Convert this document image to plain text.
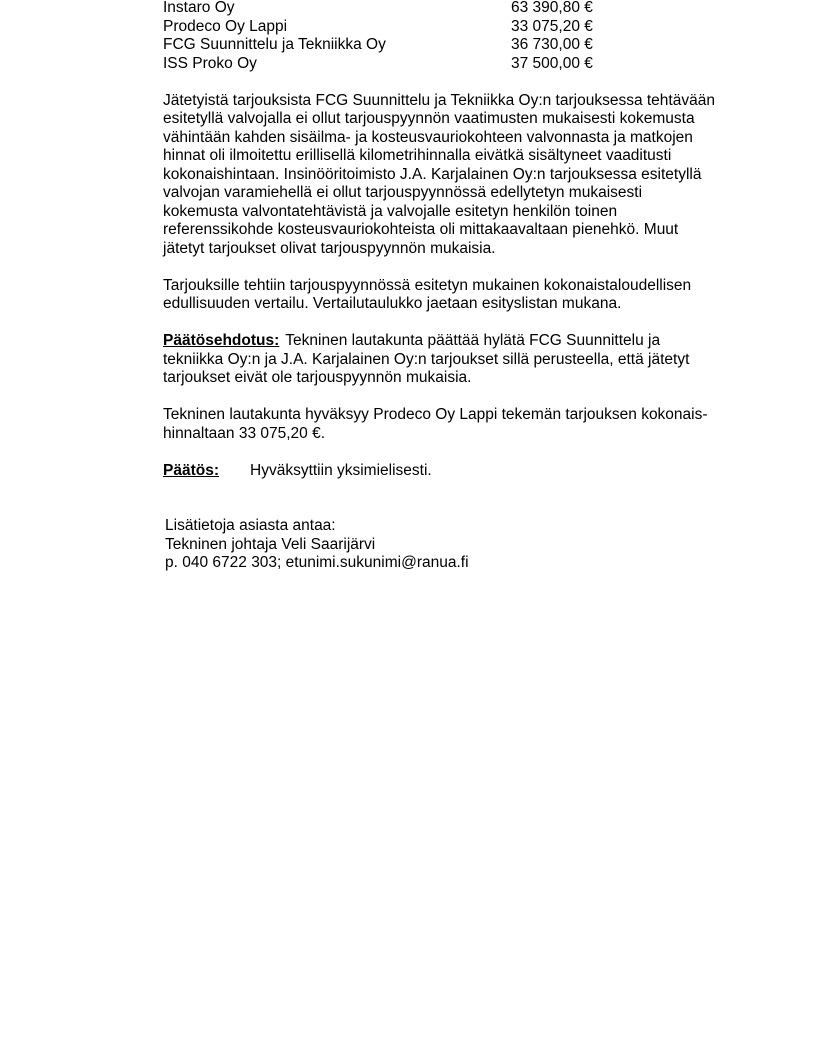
Instaro Oy	63 390,80 €
Prodeco Oy Lappi	33 075,20 €
FCG Suunnittelu ja Tekniikka Oy	36 730,00 €
ISS Proko Oy	37 500,00 €
Jätetyistä tarjouksista FCG Suunnittelu ja Tekniikka Oy:n tarjouksessa tehtävään
esitetyllä valvojalla ei ollut tarjouspyynnön vaatimusten mukaisesti kokemusta
vähintään kahden sisäilma- ja kosteusvauriokohteen valvonnasta ja matkojen
hinnat oli ilmoitettu erillisellä kilometrihinnalla eivätkä sisältyneet vaaditusti
kokonaishintaan. Insinööritoimisto J.A. Karjalainen Oy:n tarjouksessa esitetyllä
valvojan varamiehellä ei ollut tarjouspyynnössä edellytetyn mukaisesti
kokemusta valvontatehtävistä ja valvojalle esitetyn henkilön toinen
referenssikohde kosteusvauriokohteista oli mittakaavaltaan pienehkö. Muut
jätetyt tarjoukset olivat tarjouspyynnön mukaisia.
Tarjouksille tehtiin tarjouspyynnössä esitetyn mukainen kokonaistaloudellisen
edullisuuden vertailu. Vertailutaulukko jaetaan esityslistan mukana.
Päätösehdotus: Tekninen lautakunta päättää hylätä FCG Suunnittelu ja
tekniikka Oy:n ja J.A. Karjalainen Oy:n tarjoukset sillä perusteella, että jätetyt
tarjoukset eivät ole tarjouspyynnön mukaisia.
Tekninen lautakunta hyväksyy Prodeco Oy Lappi tekemän tarjouksen kokonais-
hinnaltaan 33 075,20 €.
Päätös:	Hyväksyttiin yksimielisesti.
Lisätietoja asiasta antaa:
Tekninen johtaja Veli Saarijärvi
p. 040 6722 303; etunimi.sukunimi@ranua.fi
